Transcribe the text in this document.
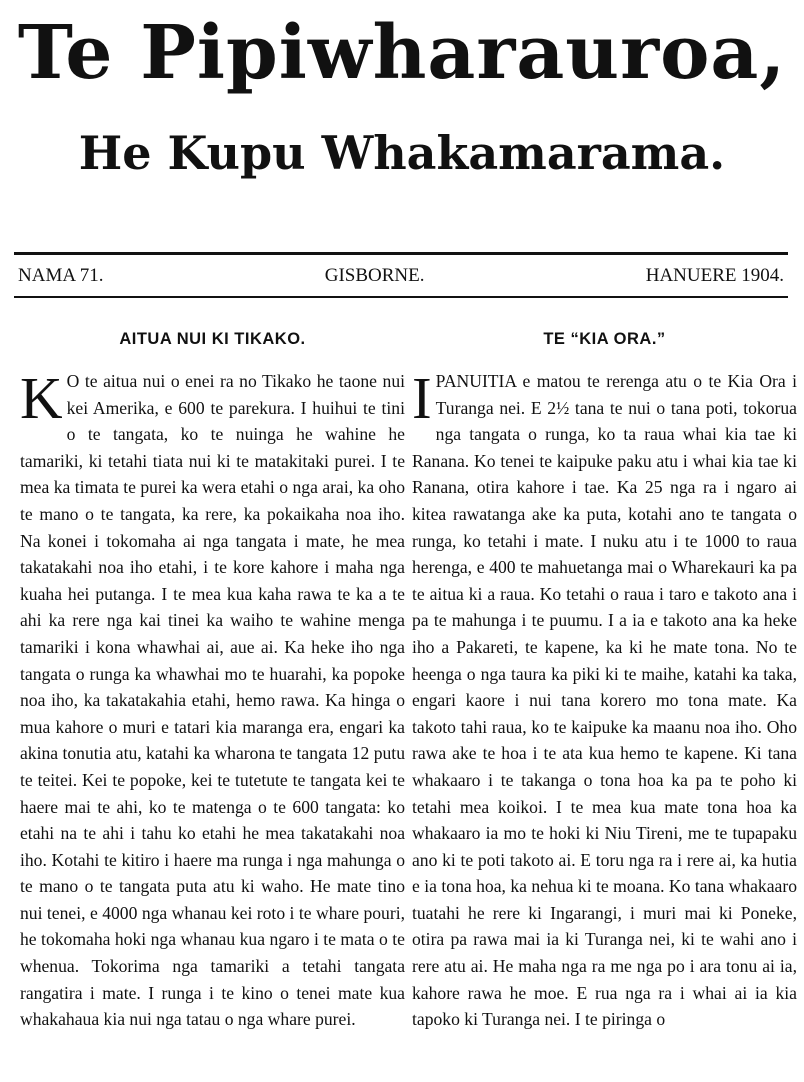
Te Pipiwharauroa,
He Kupu Whakamarama.
NAMA 71.	GISBORNE.	HANUERE 1904.
AITUA NUI KI TIKAKO.

K O te aitua nui o enei ra no Tikako he taone nui kei Amerika, e 600 te parekura. I huihui te tini o te tangata, ko te nuinga he wahine he tamariki, ki tetahi tiata nui ki te matakitaki purei. I te mea ka timata te purei ka wera etahi o nga arai, ka oho te mano o te tangata, ka rere, ka pokaikaha noa iho. Na konei i tokomaha ai nga tangata i mate, he mea takatakahi noa iho etahi, i te kore kahore i maha nga kuaha hei putanga. I te mea kua kaha rawa te ka a te ahi ka rere nga kai tinei ka waiho te wahine menga tamariki i kona whawhai ai, aue ai. Ka heke iho nga tangata o runga ka whawhai mo te huarahi, ka popoke noa iho, ka takatakahia etahi, hemo rawa. Ka hinga o mua kahore o muri e tatari kia maranga era, engari ka akina tonutia atu, katahi ka wharona te tangata 12 putu te teitei. Kei te popoke, kei te tutetute te tangata kei te haere mai te ahi, ko te matenga o te 600 tangata: ko etahi na te ahi i tahu ko etahi he mea takatakahi noa iho. Kotahi te kitiro i haere ma runga i nga mahunga o te mano o te tangata puta atu ki waho. He mate tino nui tenei, e 4000 nga whanau kei roto i te whare pouri, he tokomaha hoki nga whanau kua ngaro i te mata o te whenua. Tokorima nga tamariki a tetahi tangata rangatira i mate. I runga i te kino o tenei mate kua whakahaua kia nui nga tatau o nga whare purei.

TE “KIA ORA.”

IPANUITIA e matou te rerenga atu o te Kia Ora i Turanga nei. E 2½ tana te nui o tana poti, tokorua nga tangata o runga, ko ta raua whai kia tae ki Ranana. Ko tenei te kaipuke paku atu i whai kia tae ki Ranana, otira kahore i tae. Ka 25 nga ra i ngaro ai kitea rawatanga ake ka puta, kotahi ano te tangata o runga, ko tetahi i mate. I nuku atu i te 1000 to raua herenga, e 400 te mahuetanga mai o Wharekauri ka pa te aitua ki a raua. Ko tetahi o raua i taro e takoto ana i pa te mahunga i te puumu. I a ia e takoto ana ka heke iho a Pakareti, te kapene, ka ki he mate tona. No te heenga o nga taura ka piki ki te maihe, katahi ka taka, engari kaore i nui tana korero mo tona mate. Ka takoto tahi raua, ko te kaipuke ka maanu noa iho. Oho rawa ake te hoa i te ata kua hemo te kapene. Ki tana whakaaro i te takanga o tona hoa ka pa te poho ki tetahi mea koikoi. I te mea kua mate tona hoa ka whakaaro ia mo te hoki ki Niu Tireni, me te tupapaku ano ki te poti takoto ai. E toru nga ra i rere ai, ka hutia e ia tona hoa, ka nehua ki te moana. Ko tana whakaaro tuatahi he rere ki Ingarangi, i muri mai ki Poneke, otira pa rawa mai ia ki Turanga nei, ki te wahi ano i rere atu ai. He maha nga ra me nga po i ara tonu ai ia, kahore rawa he moe. E rua nga ra i whai ai ia kia tapoko ki Turanga nei. I te piringa o
